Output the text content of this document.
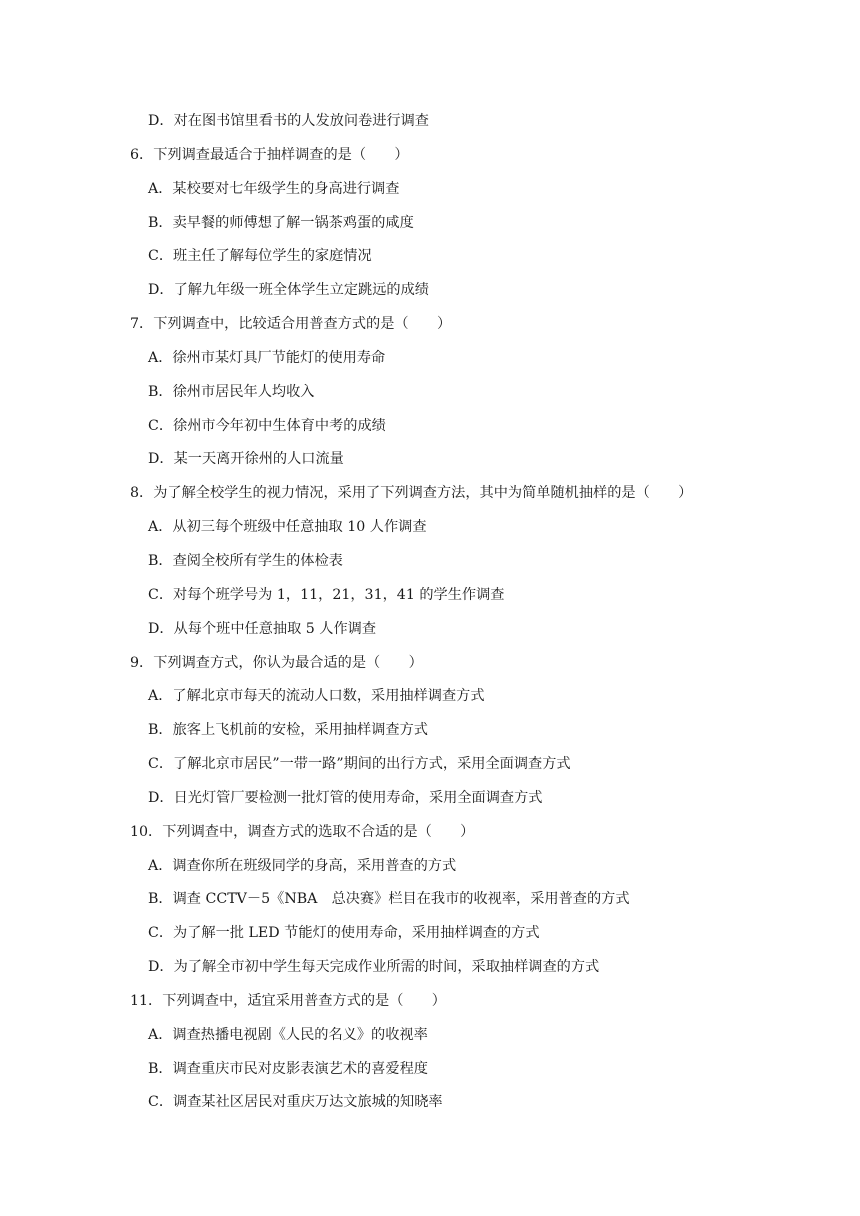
D．对在图书馆里看书的人发放问卷进行调查
6．下列调查最适合于抽样调查的是（　　）
A．某校要对七年级学生的身高进行调查
B．卖早餐的师傅想了解一锅茶鸡蛋的咸度
C．班主任了解每位学生的家庭情况
D．了解九年级一班全体学生立定跳远的成绩
7．下列调查中，比较适合用普查方式的是（　　）
A．徐州市某灯具厂节能灯的使用寿命
B．徐州市居民年人均收入
C．徐州市今年初中生体育中考的成绩
D．某一天离开徐州的人口流量
8．为了解全校学生的视力情况，采用了下列调查方法，其中为简单随机抽样的是（　　）
A．从初三每个班级中任意抽取 10 人作调查
B．查阅全校所有学生的体检表
C．对每个班学号为 1，11，21，31，41 的学生作调查
D．从每个班中任意抽取 5 人作调查
9．下列调查方式，你认为最合适的是（　　）
A．了解北京市每天的流动人口数，采用抽样调查方式
B．旅客上飞机前的安检，采用抽样调查方式
C．了解北京市居民”一带一路”期间的出行方式，采用全面调查方式
D．日光灯管厂要检测一批灯管的使用寿命，采用全面调查方式
10．下列调查中，调查方式的选取不合适的是（　　）
A．调查你所在班级同学的身高，采用普查的方式
B．调查 CCTV－5《NBA　总决赛》栏目在我市的收视率，采用普查的方式
C．为了解一批 LED 节能灯的使用寿命，采用抽样调查的方式
D．为了解全市初中学生每天完成作业所需的时间，采取抽样调查的方式
11．下列调查中，适宜采用普查方式的是（　　）
A．调查热播电视剧《人民的名义》的收视率
B．调查重庆市民对皮影表演艺术的喜爱程度
C．调查某社区居民对重庆万达文旅城的知晓率
